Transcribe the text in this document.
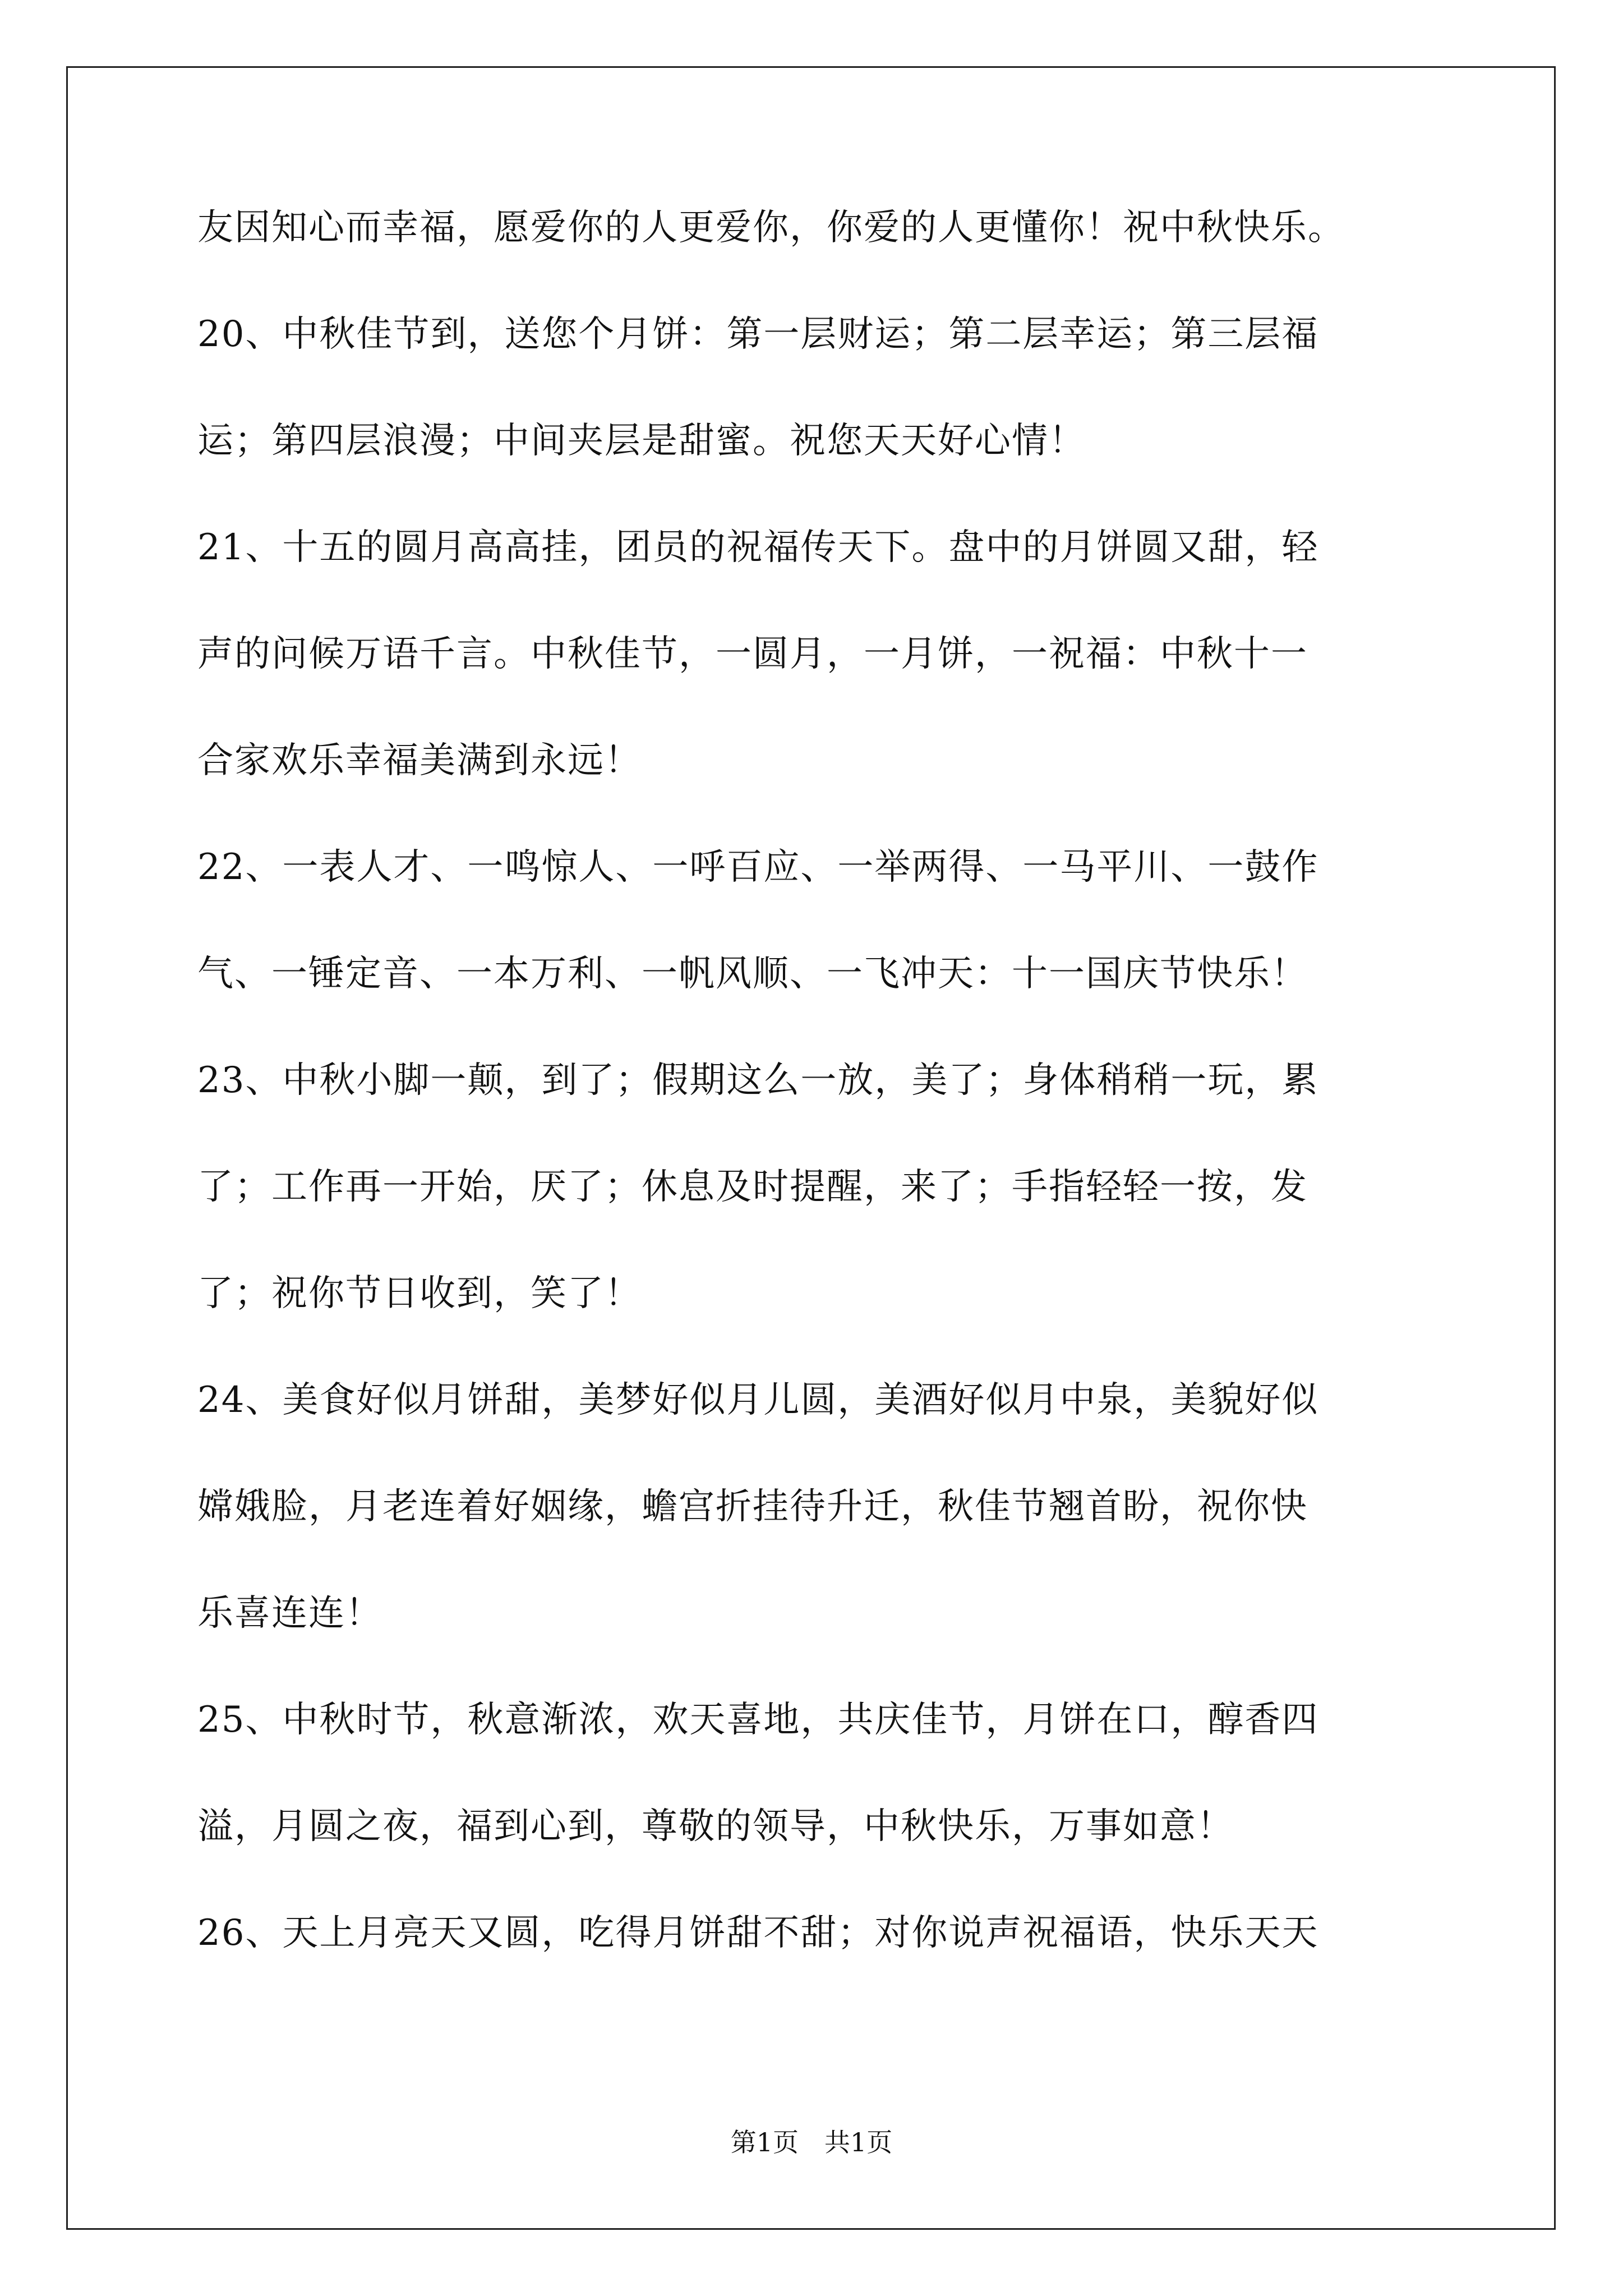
友因知心而幸福，愿爱你的人更爱你，你爱的人更懂你！祝中秋快乐。
20、中秋佳节到，送您个月饼：第一层财运；第二层幸运；第三层福
运；第四层浪漫；中间夹层是甜蜜。祝您天天好心情！
21、十五的圆月高高挂，团员的祝福传天下。盘中的月饼圆又甜，轻
声的问候万语千言。中秋佳节，一圆月，一月饼，一祝福：中秋十一
合家欢乐幸福美满到永远！
22、一表人才、一鸣惊人、一呼百应、一举两得、一马平川、一鼓作
气、一锤定音、一本万利、一帆风顺、一飞冲天：十一国庆节快乐！
23、中秋小脚一颠，到了；假期这么一放，美了；身体稍稍一玩，累
了；工作再一开始，厌了；休息及时提醒，来了；手指轻轻一按，发
了；祝你节日收到，笑了！
24、美食好似月饼甜，美梦好似月儿圆，美酒好似月中泉，美貌好似
嫦娥脸，月老连着好姻缘，蟾宫折挂待升迁，秋佳节翘首盼，祝你快
乐喜连连！
25、中秋时节，秋意渐浓，欢天喜地，共庆佳节，月饼在口，醇香四
溢，月圆之夜，福到心到，尊敬的领导，中秋快乐，万事如意！
26、天上月亮天又圆，吃得月饼甜不甜；对你说声祝福语，快乐天天
第1页　共1页
